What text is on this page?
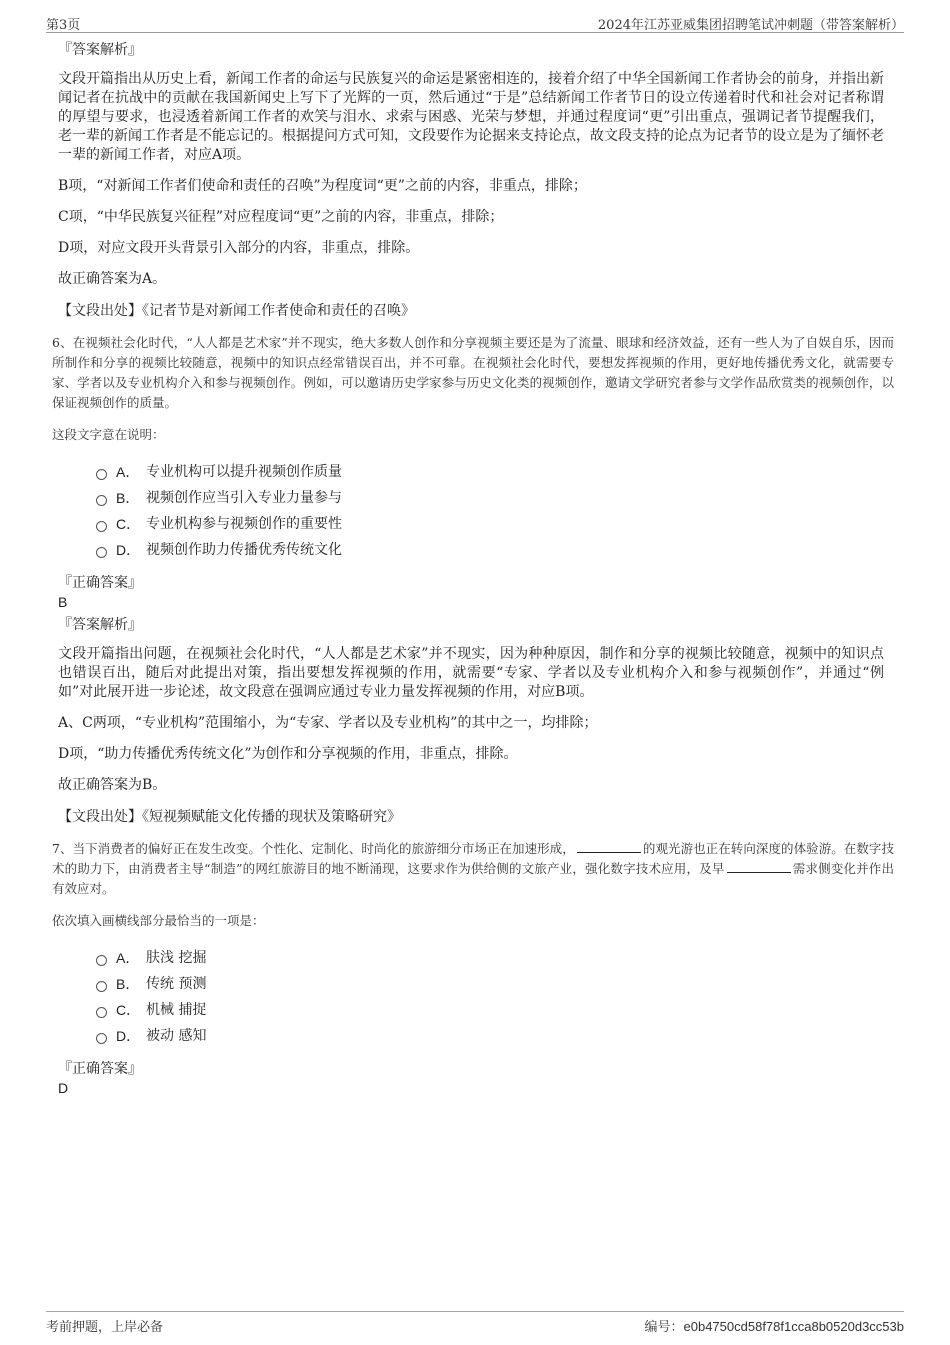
第3页	2024年江苏亚威集团招聘笔试冲刺题（带答案解析）
『答案解析』
文段开篇指出从历史上看，新闻工作者的命运与民族复兴的命运是紧密相连的，接着介绍了中华全国新闻工作者协会的前身，并指出新闻记者在抗战中的贡献在我国新闻史上写下了光辉的一页，然后通过“于是”总结新闻工作者节日的设立传递着时代和社会对记者称谓的厚望与要求，也浸透着新闻工作者的欢笑与泪水、求索与困惑、光荣与梦想，并通过程度词“更”引出重点，强调记者节提醒我们，老一辈的新闻工作者是不能忘记的。根据提问方式可知，文段要作为论据来支持论点，故文段支持的论点为记者节的设立是为了缅怀老一辈的新闻工作者，对应A项。
B项，“对新闻工作者们使命和责任的召唤”为程度词“更”之前的内容，非重点，排除；
C项，“中华民族复兴征程”对应程度词“更”之前的内容，非重点，排除；
D项，对应文段开头背景引入部分的内容，非重点，排除。
故正确答案为A。
【文段出处】《记者节是对新闻工作者使命和责任的召唤》
6、在视频社会化时代，“人人都是艺术家”并不现实，绝大多数人创作和分享视频主要还是为了流量、眼球和经济效益，还有一些人为了自娱自乐，因而所制作和分享的视频比较随意，视频中的知识点经常错误百出，并不可靠。在视频社会化时代，要想发挥视频的作用，更好地传播优秀文化，就需要专家、学者以及专业机构介入和参与视频创作。例如，可以邀请历史学家参与历史文化类的视频创作，邀请文学研究者参与文学作品欣赏类的视频创作，以保证视频创作的质量。
这段文字意在说明：
A． 专业机构可以提升视频创作质量
B． 视频创作应当引入专业力量参与
C． 专业机构参与视频创作的重要性
D． 视频创作助力传播优秀传统文化
『正确答案』
B
『答案解析』
文段开篇指出问题，在视频社会化时代，“人人都是艺术家”并不现实，因为种种原因，制作和分享的视频比较随意，视频中的知识点也错误百出，随后对此提出对策，指出要想发挥视频的作用，就需要“专家、学者以及专业机构介入和参与视频创作”，并通过“例如”对此展开进一步论述，故文段意在强调应通过专业力量发挥视频的作用，对应B项。
A、C两项，“专业机构”范围缩小，为“专家、学者以及专业机构”的其中之一，均排除；
D项，“助力传播优秀传统文化”为创作和分享视频的作用，非重点，排除。
故正确答案为B。
【文段出处】《短视频赋能文化传播的现状及策略研究》
7、当下消费者的偏好正在发生改变。个性化、定制化、时尚化的旅游细分市场正在加速形成，	的观光游也正在转向深度的体验游。在数字技术的助力下，由消费者主导“制造”的网红旅游目的地不断涌现，这要求作为供给侧的文旅产业，强化数字技术应用，及早	需求侧变化并作出有效应对。
依次填入画横线部分最恰当的一项是：
A． 肤浅 挖掘
B． 传统 预测
C． 机械 捕捉
D． 被动 感知
『正确答案』
D
考前押题，上岸必备	编号：e0b4750cd58f78f1cca8b0520d3cc53b
